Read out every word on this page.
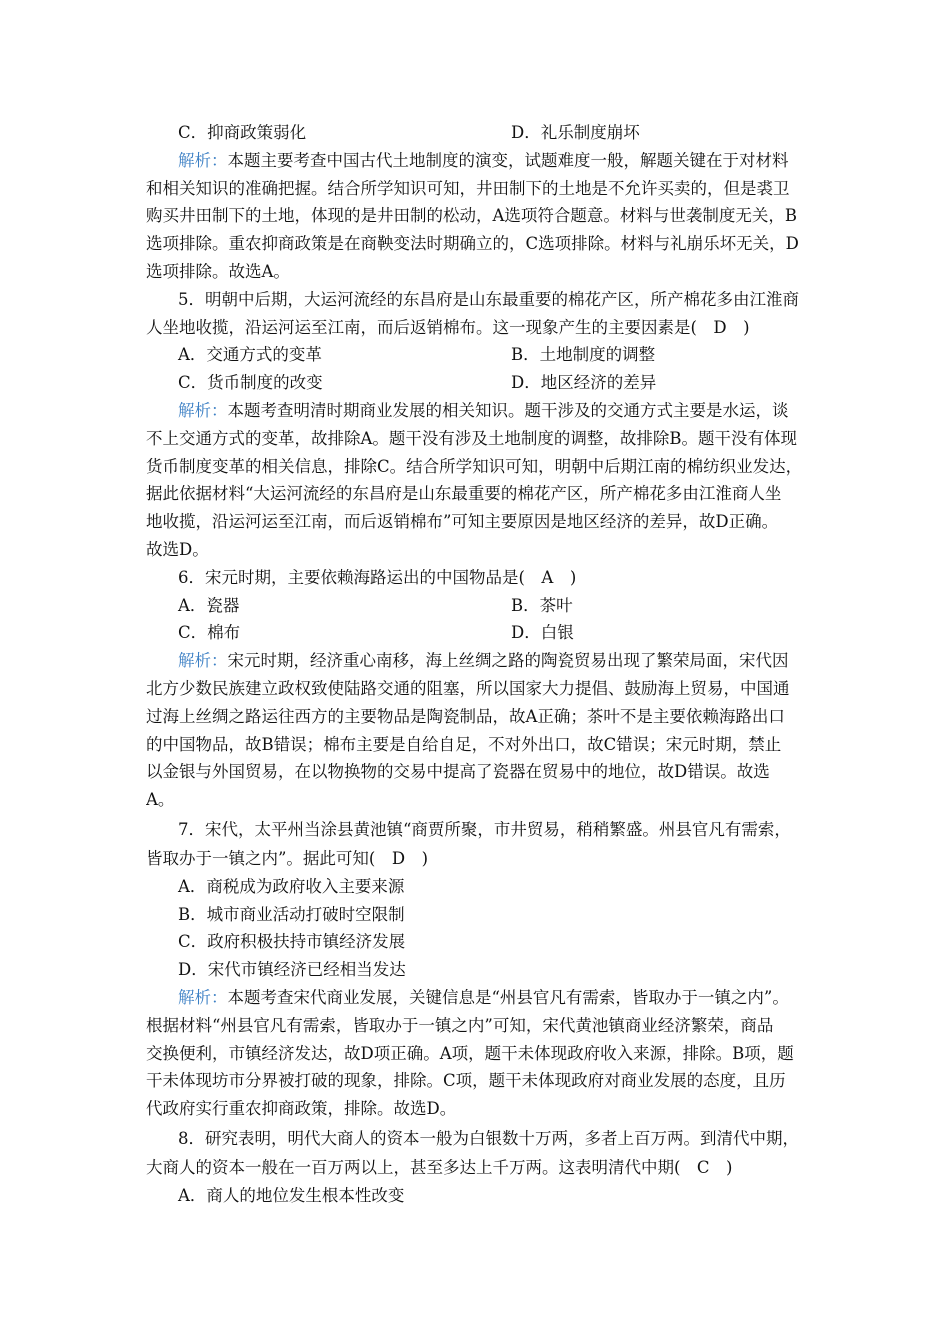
C．抑商政策弱化	D．礼乐制度崩坏
解析：本题主要考查中国古代土地制度的演变，试题难度一般，解题关键在于对材料
和相关知识的准确把握。结合所学知识可知，井田制下的土地是不允许买卖的，但是裘卫
购买井田制下的土地，体现的是井田制的松动，A选项符合题意。材料与世袭制度无关，B
选项排除。重农抑商政策是在商鞅变法时期确立的，C选项排除。材料与礼崩乐坏无关，D
选项排除。故选A。
5．明朝中后期，大运河流经的东昌府是山东最重要的棉花产区，所产棉花多由江淮商
人坐地收揽，沿运河运至江南，而后返销棉布。这一现象产生的主要因素是(　D　)
A．交通方式的变革	B．土地制度的调整
C．货币制度的改变	D．地区经济的差异
解析：本题考查明清时期商业发展的相关知识。题干涉及的交通方式主要是水运，谈
不上交通方式的变革，故排除A。题干没有涉及土地制度的调整，故排除B。题干没有体现
货币制度变革的相关信息，排除C。结合所学知识可知，明朝中后期江南的棉纺织业发达，
据此依据材料“大运河流经的东昌府是山东最重要的棉花产区，所产棉花多由江淮商人坐
地收揽，沿运河运至江南，而后返销棉布”可知主要原因是地区经济的差异，故D正确。
故选D。
6．宋元时期，主要依赖海路运出的中国物品是(　A　)
A．瓷器	B．茶叶
C．棉布	D．白银
解析：宋元时期，经济重心南移，海上丝绸之路的陶瓷贸易出现了繁荣局面，宋代因
北方少数民族建立政权致使陆路交通的阻塞，所以国家大力提倡、鼓励海上贸易，中国通
过海上丝绸之路运往西方的主要物品是陶瓷制品，故A正确；茶叶不是主要依赖海路出口
的中国物品，故B错误；棉布主要是自给自足，不对外出口，故C错误；宋元时期，禁止
以金银与外国贸易，在以物换物的交易中提高了瓷器在贸易中的地位，故D错误。故选
A。
7．宋代，太平州当涂县黄池镇“商贾所聚，市井贸易，稍稍繁盛。州县官凡有需索，
皆取办于一镇之内”。据此可知(　D　)
A．商税成为政府收入主要来源
B．城市商业活动打破时空限制
C．政府积极扶持市镇经济发展
D．宋代市镇经济已经相当发达
解析：本题考查宋代商业发展，关键信息是“州县官凡有需索，皆取办于一镇之内”。
根据材料“州县官凡有需索，皆取办于一镇之内”可知，宋代黄池镇商业经济繁荣，商品
交换便利，市镇经济发达，故D项正确。A项，题干未体现政府收入来源，排除。B项，题
干未体现坊市分界被打破的现象，排除。C项，题干未体现政府对商业发展的态度，且历
代政府实行重农抑商政策，排除。故选D。
8．研究表明，明代大商人的资本一般为白银数十万两，多者上百万两。到清代中期，
大商人的资本一般在一百万两以上，甚至多达上千万两。这表明清代中期(　C　)
A．商人的地位发生根本性改变
